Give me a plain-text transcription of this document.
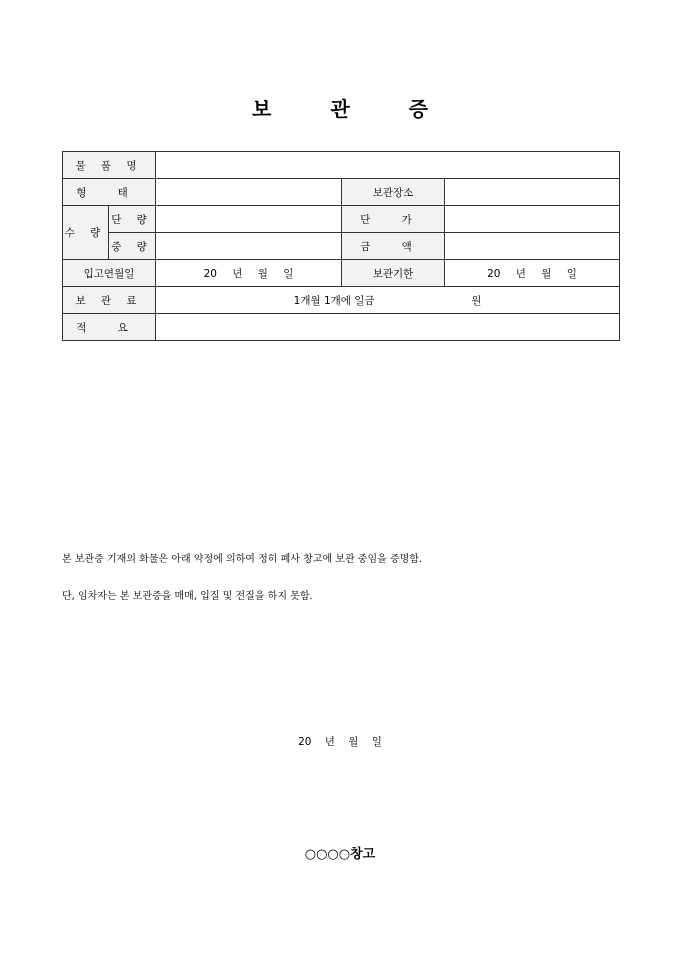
보 관 증
물 품 명				
형 태			보관장소	
수 량	단 량		단 가	
	중 량		금 액	
입고연월일		20 년 월 일	보관기한	20 년 월 일
보 관 료		1개월 1개에 일금 원		
적 요				
본 보관증 기재의 화물은 아래 약정에 의하여 정히 폐사 창고에 보관 중임을 증명함.
단, 임차자는 본 보관증을 매매, 입질 및 전질을 하지 못함.
20 년 월 일
○○○○창고
